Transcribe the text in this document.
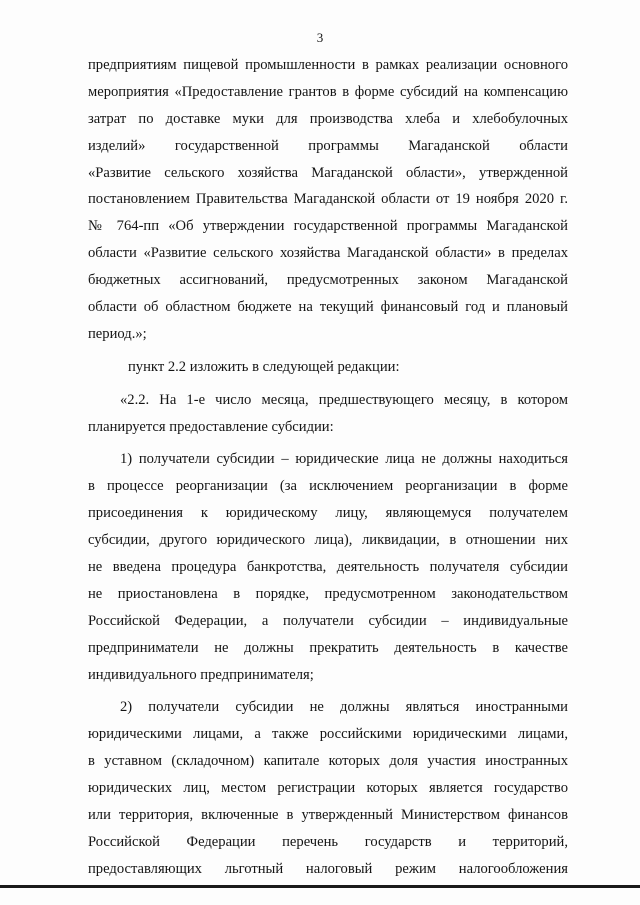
3
предприятиям пищевой промышленности в рамках реализации основного
мероприятия «Предоставление грантов в форме субсидий на компенсацию
затрат по доставке муки для производства хлеба и хлебобулочных
изделий» государственной программы Магаданской области
«Развитие сельского хозяйства Магаданской области», утвержденной
постановлением Правительства Магаданской области от 19 ноября 2020 г.
№ 764-пп «Об утверждении государственной программы Магаданской
области «Развитие сельского хозяйства Магаданской области» в пределах
бюджетных ассигнований, предусмотренных законом Магаданской
области об областном бюджете на текущий финансовый год и плановый
период.»;
пункт 2.2 изложить в следующей редакции:
«2.2. На 1-е число месяца, предшествующего месяцу, в котором
планируется предоставление субсидии:
1) получатели субсидии – юридические лица не должны находиться
в процессе реорганизации (за исключением реорганизации в форме
присоединения к юридическому лицу, являющемуся получателем
субсидии, другого юридического лица), ликвидации, в отношении них
не введена процедура банкротства, деятельность получателя субсидии
не приостановлена в порядке, предусмотренном законодательством
Российской Федерации, а получатели субсидии – индивидуальные
предприниматели не должны прекратить деятельность в качестве
индивидуального предпринимателя;
2) получатели субсидии не должны являться иностранными
юридическими лицами, а также российскими юридическими лицами,
в уставном (складочном) капитале которых доля участия иностранных
юридических лиц, местом регистрации которых является государство
или территория, включенные в утвержденный Министерством финансов
Российской Федерации перечень государств и территорий,
предоставляющих льготный налоговый режим налогообложения
